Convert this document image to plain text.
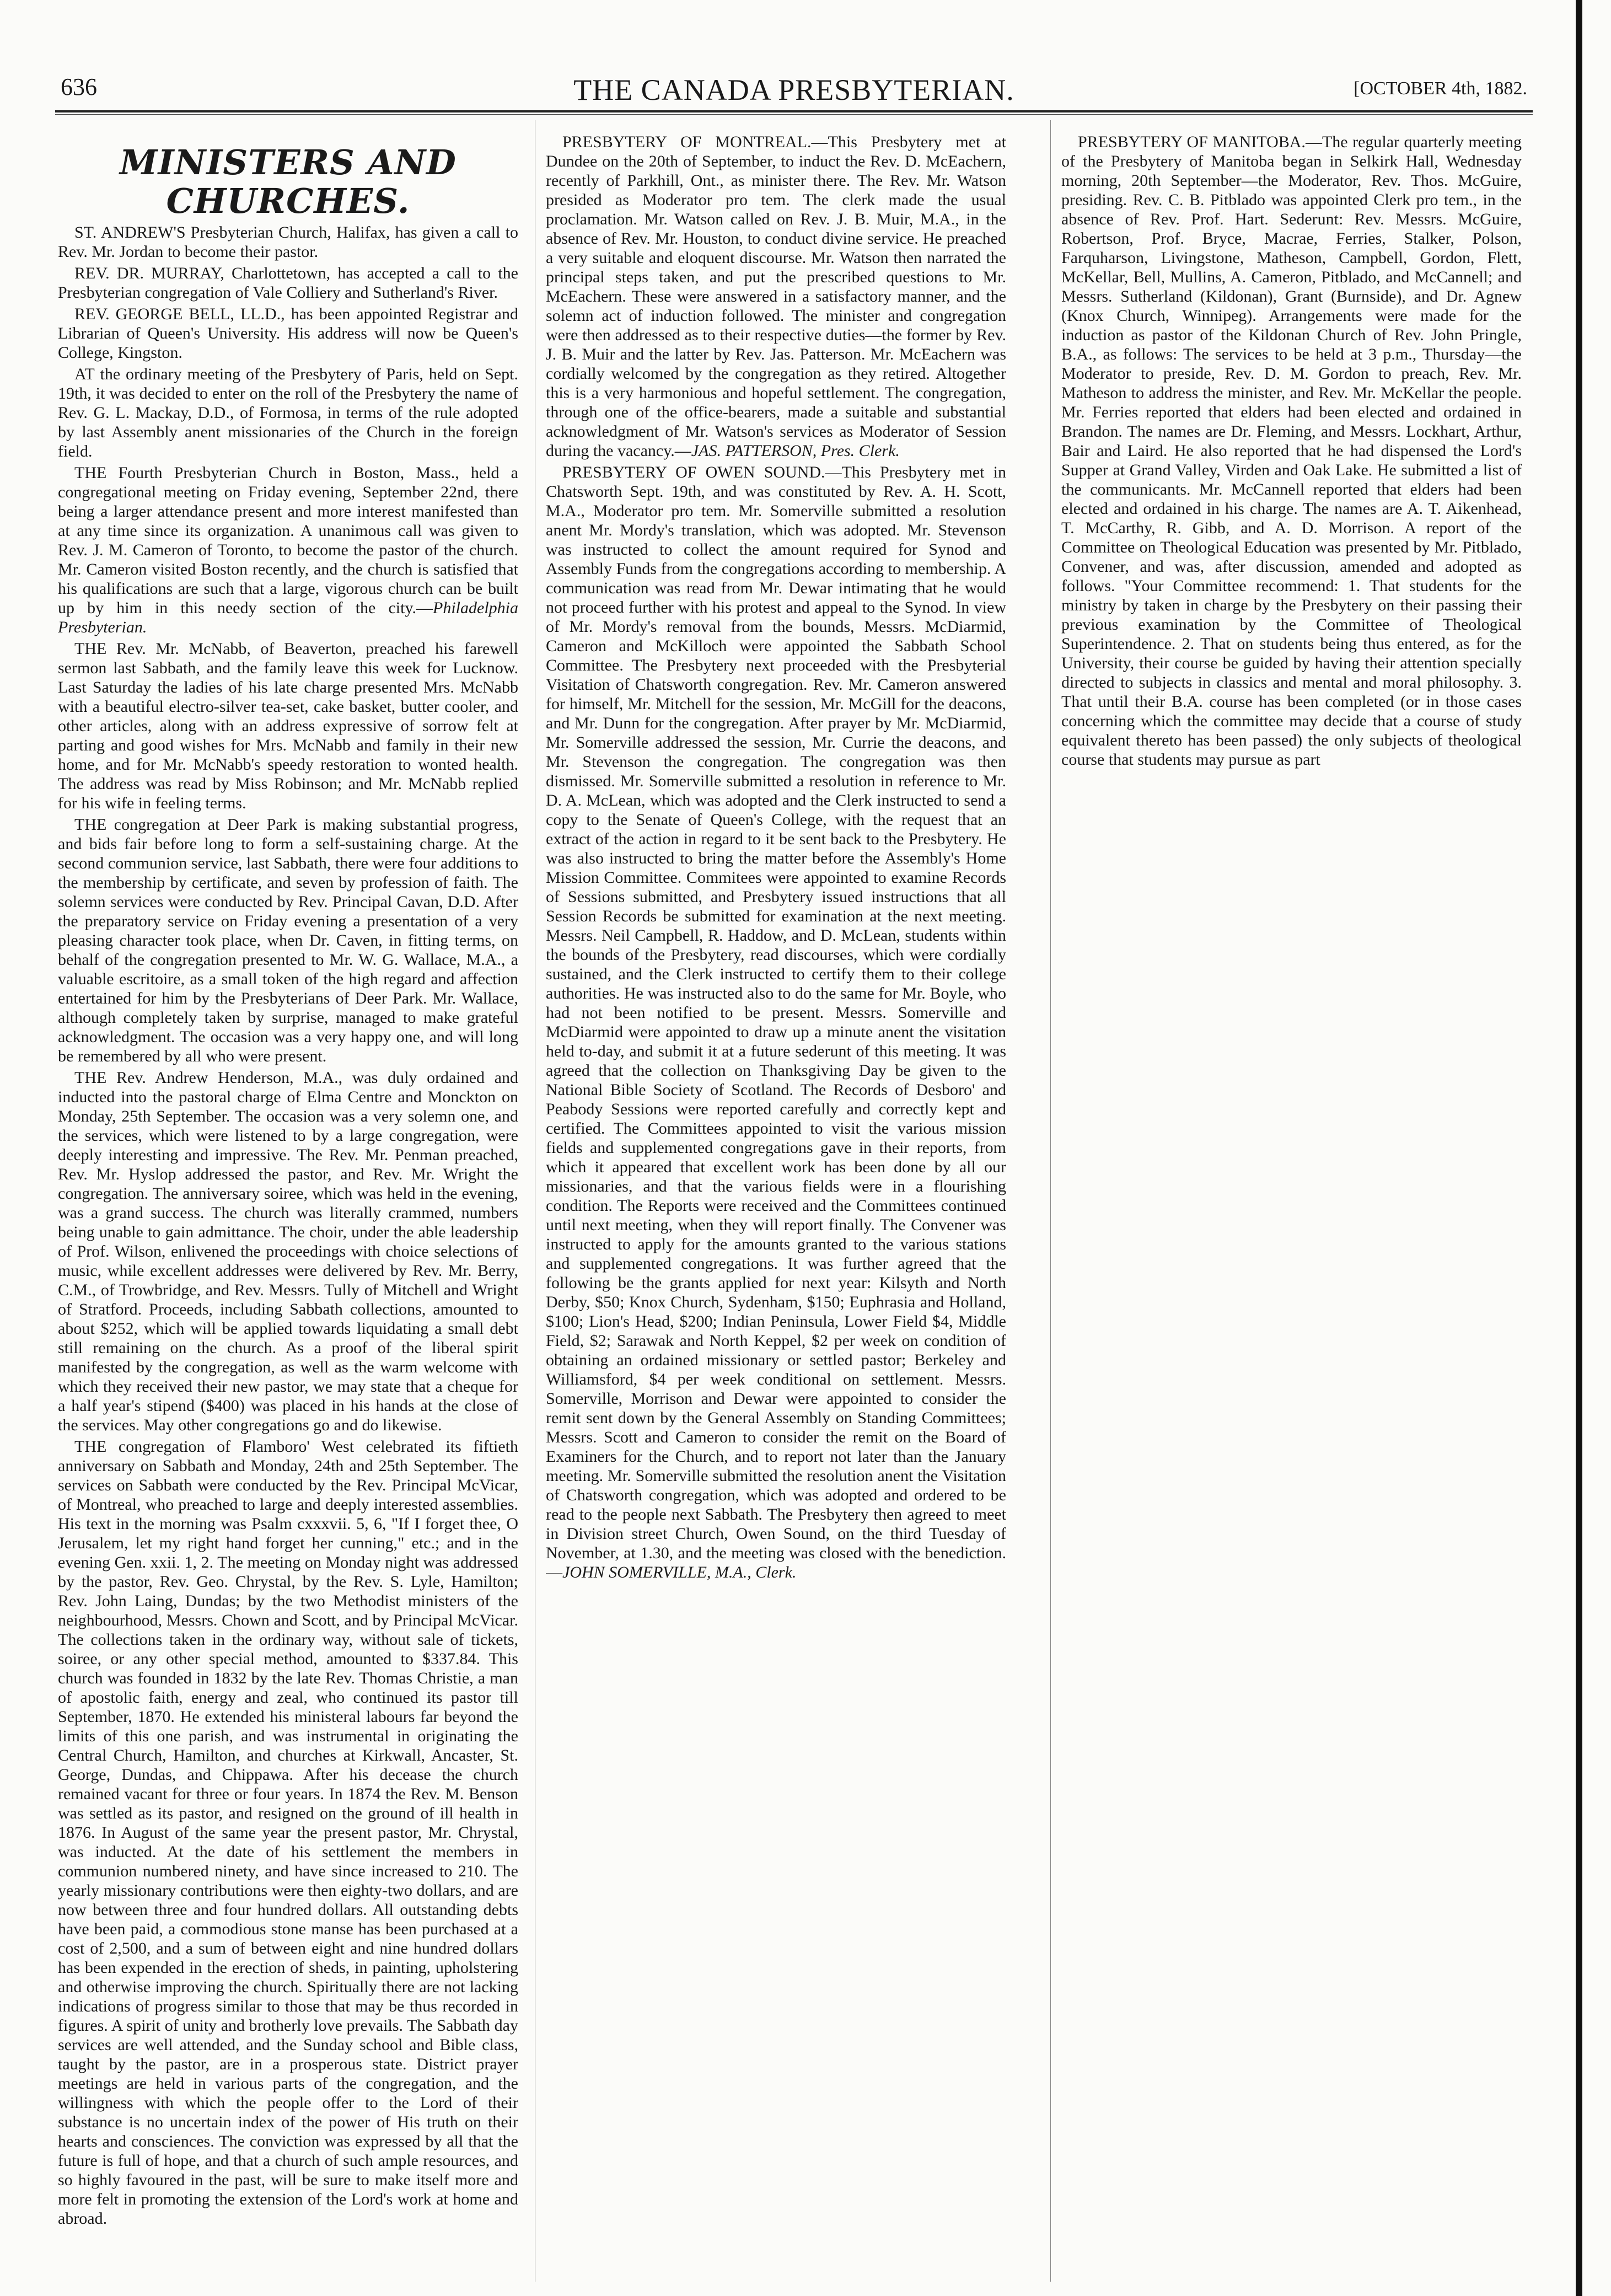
636	THE CANADA PRESBYTERIAN.	[OCTOBER 4th, 1882.

MINISTERS AND CHURCHES.

ST. ANDREW'S Presbyterian Church, Halifax, has given a call to Rev. Mr. Jordan to become their pastor.

REV. DR. MURRAY, Charlottetown, has accepted a call to the Presbyterian congregation of Vale Colliery and Sutherland's River.

REV. GEORGE BELL, LL.D., has been appointed Registrar and Librarian of Queen's University. His address will now be Queen's College, Kingston.

AT the ordinary meeting of the Presbytery of Paris, held on Sept. 19th, it was decided to enter on the roll of the Presbytery the name of Rev. G. L. Mackay, D.D., of Formosa, in terms of the rule adopted by last Assembly anent missionaries of the Church in the foreign field.

THE Fourth Presbyterian Church in Boston, Mass., held a congregational meeting on Friday evening, September 22nd, there being a larger attendance present and more interest manifested than at any time since its organization. A unanimous call was given to Rev. J. M. Cameron of Toronto, to become the pastor of the church. Mr. Cameron visited Boston recently, and the church is satisfied that his qualifications are such that a large, vigorous church can be built up by him in this needy section of the city.—Philadelphia Presbyterian.

THE Rev. Mr. McNabb, of Beaverton, preached his farewell sermon last Sabbath, and the family leave this week for Lucknow. Last Saturday the ladies of his late charge presented Mrs. McNabb with a beautiful electro-silver tea-set, cake basket, butter cooler, and other articles, along with an address expressive of sorrow felt at parting and good wishes for Mrs. McNabb and family in their new home, and for Mr. McNabb's speedy restoration to wonted health. The address was read by Miss Robinson; and Mr. McNabb replied for his wife in feeling terms.

THE congregation at Deer Park is making substantial progress, and bids fair before long to form a self-sustaining charge. At the second communion service, last Sabbath, there were four additions to the membership by certificate, and seven by profession of faith. The solemn services were conducted by Rev. Principal Cavan, D.D. After the preparatory service on Friday evening a presentation of a very pleasing character took place, when Dr. Caven, in fitting terms, on behalf of the congregation presented to Mr. W. G. Wallace, M.A., a valuable escritoire, as a small token of the high regard and affection entertained for him by the Presbyterians of Deer Park. Mr. Wallace, although completely taken by surprise, managed to make grateful acknowledgment. The occasion was a very happy one, and will long be remembered by all who were present.

THE Rev. Andrew Henderson, M.A., was duly ordained and inducted into the pastoral charge of Elma Centre and Monckton on Monday, 25th September. The occasion was a very solemn one, and the services, which were listened to by a large congregation, were deeply interesting and impressive. The Rev. Mr. Penman preached, Rev. Mr. Hyslop addressed the pastor, and Rev. Mr. Wright the congregation. The anniversary soiree, which was held in the evening, was a grand success. The church was literally crammed, numbers being unable to gain admittance. The choir, under the able leadership of Prof. Wilson, enlivened the proceedings with choice selections of music, while excellent addresses were delivered by Rev. Mr. Berry, C.M., of Trowbridge, and Rev. Messrs. Tully of Mitchell and Wright of Stratford. Proceeds, including Sabbath collections, amounted to about $252, which will be applied towards liquidating a small debt still remaining on the church. As a proof of the liberal spirit manifested by the congregation, as well as the warm welcome with which they received their new pastor, we may state that a cheque for a half year's stipend ($400) was placed in his hands at the close of the services. May other congregations go and do likewise.

THE congregation of Flamboro' West celebrated its fiftieth anniversary on Sabbath and Monday, 24th and 25th September. The services on Sabbath were conducted by the Rev. Principal McVicar, of Montreal, who preached to large and deeply interested assemblies. His text in the morning was Psalm cxxxvii. 5, 6, "If I forget thee, O Jerusalem, let my right hand forget her cunning," etc.; and in the evening Gen. xxii. 1, 2. The meeting on Monday night was addressed by the pastor, Rev. Geo. Chrystal, by the Rev. S. Lyle, Hamilton; Rev. John Laing, Dundas; by the two Methodist ministers of the neighbourhood, Messrs. Chown and Scott, and by Principal McVicar. The collections taken in the ordinary way, without sale of tickets, soiree, or any other special method, amounted to $337.84. This church was founded in 1832 by the late Rev. Thomas Christie, a man of apostolic faith, energy and zeal, who continued its pastor till September, 1870. He extended his ministeral labours far beyond the limits of this one parish, and was instrumental in originating the Central Church, Hamilton, and churches at Kirkwall, Ancaster, St. George, Dundas, and Chippawa. After his decease the church remained vacant for three or four years. In 1874 the Rev. M. Benson was settled as its pastor, and resigned on the ground of ill health in 1876. In August of the same year the present pastor, Mr. Chrystal, was inducted. At the date of his settlement the members in communion numbered ninety, and have since increased to 210. The yearly missionary contributions were then eighty-two dollars, and are now between three and four hundred dollars. All outstanding debts have been paid, a commodious stone manse has been purchased at a cost of 2,500, and a sum of between eight and nine hundred dollars has been expended in the erection of sheds, in painting, upholstering and otherwise improving the church. Spiritually there are not lacking indications of progress similar to those that may be thus recorded in figures. A spirit of unity and brotherly love prevails. The Sabbath day services are well attended, and the Sunday school and Bible class, taught by the pastor, are in a prosperous state. District prayer meetings are held in various parts of the congregation, and the willingness with which the people offer to the Lord of their substance is no uncertain index of the power of His truth on their hearts and consciences. The conviction was expressed by all that the future is full of hope, and that a church of such ample resources, and so highly favoured in the past, will be sure to make itself more and more felt in promoting the extension of the Lord's work at home and abroad.

PRESBYTERY OF MONTREAL.—This Presbytery met at Dundee on the 20th of September, to induct the Rev. D. McEachern, recently of Parkhill, Ont., as minister there. The Rev. Mr. Watson presided as Moderator pro tem. The clerk made the usual proclamation. Mr. Watson called on Rev. J. B. Muir, M.A., in the absence of Rev. Mr. Houston, to conduct divine service. He preached a very suitable and eloquent discourse. Mr. Watson then narrated the principal steps taken, and put the prescribed questions to Mr. McEachern. These were answered in a satisfactory manner, and the solemn act of induction followed. The minister and congregation were then addressed as to their respective duties—the former by Rev. J. B. Muir and the latter by Rev. Jas. Patterson. Mr. McEachern was cordially welcomed by the congregation as they retired. Altogether this is a very harmonious and hopeful settlement. The congregation, through one of the office-bearers, made a suitable and substantial acknowledgment of Mr. Watson's services as Moderator of Session during the vacancy.—JAS. PATTERSON, Pres. Clerk.

PRESBYTERY OF OWEN SOUND.—This Presbytery met in Chatsworth Sept. 19th, and was constituted by Rev. A. H. Scott, M.A., Moderator pro tem. Mr. Somerville submitted a resolution anent Mr. Mordy's translation, which was adopted. Mr. Stevenson was instructed to collect the amount required for Synod and Assembly Funds from the congregations according to membership. A communication was read from Mr. Dewar intimating that he would not proceed further with his protest and appeal to the Synod. In view of Mr. Mordy's removal from the bounds, Messrs. McDiarmid, Cameron and McKilloch were appointed the Sabbath School Committee. The Presbytery next proceeded with the Presbyterial Visitation of Chatsworth congregation. Rev. Mr. Cameron answered for himself, Mr. Mitchell for the session, Mr. McGill for the deacons, and Mr. Dunn for the congregation. After prayer by Mr. McDiarmid, Mr. Somerville addressed the session, Mr. Currie the deacons, and Mr. Stevenson the congregation. The congregation was then dismissed. Mr. Somerville submitted a resolution in reference to Mr. D. A. McLean, which was adopted and the Clerk instructed to send a copy to the Senate of Queen's College, with the request that an extract of the action in regard to it be sent back to the Presbytery. He was also instructed to bring the matter before the Assembly's Home Mission Committee. Commitees were appointed to examine Records of Sessions submitted, and Presbytery issued instructions that all Session Records be submitted for examination at the next meeting. Messrs. Neil Campbell, R. Haddow, and D. McLean, students within the bounds of the Presbytery, read discourses, which were cordially sustained, and the Clerk instructed to certify them to their college authorities. He was instructed also to do the same for Mr. Boyle, who had not been notified to be present. Messrs. Somerville and McDiarmid were appointed to draw up a minute anent the visitation held to-day, and submit it at a future sederunt of this meeting. It was agreed that the collection on Thanksgiving Day be given to the National Bible Society of Scotland. The Records of Desboro' and Peabody Sessions were reported carefully and correctly kept and certified. The Committees appointed to visit the various mission fields and supplemented congregations gave in their reports, from which it appeared that excellent work has been done by all our missionaries, and that the various fields were in a flourishing condition. The Reports were received and the Committees continued until next meeting, when they will report finally. The Convener was instructed to apply for the amounts granted to the various stations and supplemented congregations. It was further agreed that the following be the grants applied for next year: Kilsyth and North Derby, $50; Knox Church, Sydenham, $150; Euphrasia and Holland, $100; Lion's Head, $200; Indian Peninsula, Lower Field $4, Middle Field, $2; Sarawak and North Keppel, $2 per week on condition of obtaining an ordained missionary or settled pastor; Berkeley and Williamsford, $4 per week conditional on settlement. Messrs. Somerville, Morrison and Dewar were appointed to consider the remit sent down by the General Assembly on Standing Committees; Messrs. Scott and Cameron to consider the remit on the Board of Examiners for the Church, and to report not later than the January meeting. Mr. Somerville submitted the resolution anent the Visitation of Chatsworth congregation, which was adopted and ordered to be read to the people next Sabbath. The Presbytery then agreed to meet in Division street Church, Owen Sound, on the third Tuesday of November, at 1.30, and the meeting was closed with the benediction.—JOHN SOMERVILLE, M.A., Clerk.

PRESBYTERY OF MANITOBA.—The regular quarterly meeting of the Presbytery of Manitoba began in Selkirk Hall, Wednesday morning, 20th September—the Moderator, Rev. Thos. McGuire, presiding. Rev. C. B. Pitblado was appointed Clerk pro tem., in the absence of Rev. Prof. Hart. Sederunt: Rev. Messrs. McGuire, Robertson, Prof. Bryce, Macrae, Ferries, Stalker, Polson, Farquharson, Livingstone, Matheson, Campbell, Gordon, Flett, McKellar, Bell, Mullins, A. Cameron, Pitblado, and McCannell; and Messrs. Sutherland (Kildonan), Grant (Burnside), and Dr. Agnew (Knox Church, Winnipeg). Arrangements were made for the induction as pastor of the Kildonan Church of Rev. John Pringle, B.A., as follows: The services to be held at 3 p.m., Thursday—the Moderator to preside, Rev. D. M. Gordon to preach, Rev. Mr. Matheson to address the minister, and Rev. Mr. McKellar the people. Mr. Ferries reported that elders had been elected and ordained in Brandon. The names are Dr. Fleming, and Messrs. Lockhart, Arthur, Bair and Laird. He also reported that he had dispensed the Lord's Supper at Grand Valley, Virden and Oak Lake. He submitted a list of the communicants. Mr. McCannell reported that elders had been elected and ordained in his charge. The names are A. T. Aikenhead, T. McCarthy, R. Gibb, and A. D. Morrison. A report of the Committee on Theological Education was presented by Mr. Pitblado, Convener, and was, after discussion, amended and adopted as follows. "Your Committee recommend: 1. That students for the ministry by taken in charge by the Presbytery on their passing their previous examination by the Committee of Theological Superintendence. 2. That on students being thus entered, as for the University, their course be guided by having their attention specially directed to subjects in classics and mental and moral philosophy. 3. That until their B.A. course has been completed (or in those cases concerning which the committee may decide that a course of study equivalent thereto has been passed) the only subjects of theological course that students may pursue as part
